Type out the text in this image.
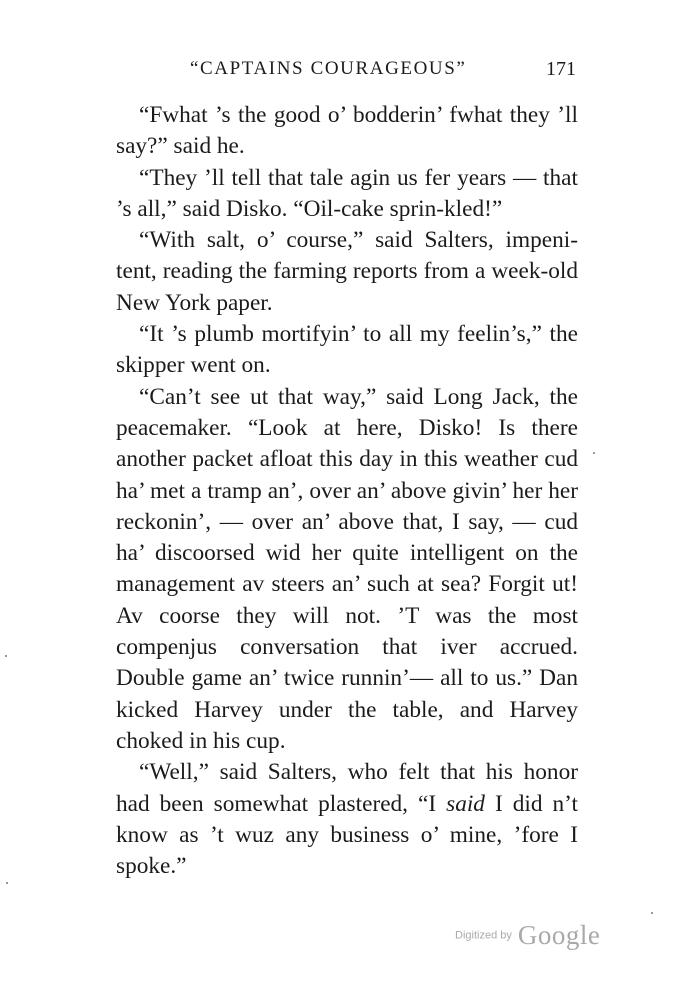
“CAPTAINS COURAGEOUS”	171

“Fwhat ’s the good o’ bodderin’ fwhat they ’ll say?” said he.

“They ’ll tell that tale agin us fer years — that ’s all,” said Disko. “Oil-cake sprin-kled!”

“With salt, o’ course,” said Salters, impeni-tent, reading the farming reports from a week-old New York paper.

“It ’s plumb mortifyin’ to all my feelin’s,” the skipper went on.

“Can’t see ut that way,” said Long Jack, the peacemaker. “Look at here, Disko! Is there another packet afloat this day in this weather cud ha’ met a tramp an’, over an’ above givin’ her her reckonin’, — over an’ above that, I say, — cud ha’ discoorsed wid her quite intelligent on the management av steers an’ such at sea? Forgit ut! Av coorse they will not. ’T was the most compenjus conversation that iver accrued. Double game an’ twice runnin’— all to us.” Dan kicked Harvey under the table, and Harvey choked in his cup.

“Well,” said Salters, who felt that his honor had been somewhat plastered, “I said I did n’t know as ’t wuz any business o’ mine, ’fore I spoke.”

Digitized by Google
